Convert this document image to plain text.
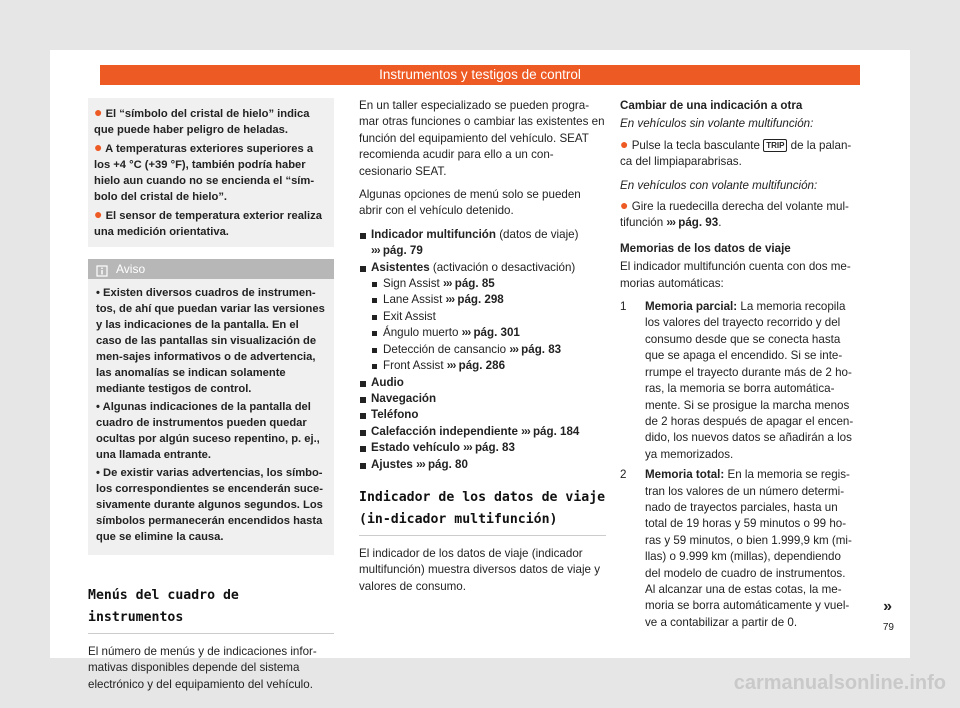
Instrumentos y testigos de control
● El “símbolo del cristal de hielo” indica que puede haber peligro de heladas.
● A temperaturas exteriores superiores a los +4 °C (+39 °F), también podría haber hielo aun cuando no se encienda el “sím-bolo del cristal de hielo”.
● El sensor de temperatura exterior realiza una medición orientativa.
Aviso
• Existen diversos cuadros de instrumen-tos, de ahí que puedan variar las versiones y las indicaciones de la pantalla. En el caso de las pantallas sin visualización de men-sajes informativos o de advertencia, las anomalías se indican solamente mediante testigos de control.
• Algunas indicaciones de la pantalla del cuadro de instrumentos pueden quedar ocultas por algún suceso repentino, p. ej., una llamada entrante.
• De existir varias advertencias, los símbo-los correspondientes se encenderán suce-sivamente durante algunos segundos. Los símbolos permanecerán encendidos hasta que se elimine la causa.
Menús del cuadro de instrumentos

El número de menús y de indicaciones infor-mativas disponibles depende del sistema electrónico y del equipamiento del vehículo.

En un taller especializado se pueden progra-mar otras funciones o cambiar las existentes en función del equipamiento del vehículo. SEAT recomienda acudir para ello a un con-cesionario SEAT.

Algunas opciones de menú solo se pueden abrir con el vehículo detenido.

Indicador multifunción (datos de viaje)
››› pág. 79
Asistentes (activación o desactivación)
Sign Assist ››› pág. 85
Lane Assist ››› pág. 298
Exit Assist
Ángulo muerto ››› pág. 301
Detección de cansancio ››› pág. 83
Front Assist ››› pág. 286
Audio
Navegación
Teléfono
Calefacción independiente ››› pág. 184
Estado vehículo ››› pág. 83
Ajustes ››› pág. 80
Indicador de los datos de viaje (in-dicador multifunción)

El indicador de los datos de viaje (indicador multifunción) muestra diversos datos de viaje y valores de consumo.

Cambiar de una indicación a otra

En vehículos sin volante multifunción:

● Pulse la tecla basculante TRIP de la palan-ca del limpiaparabrisas.

En vehículos con volante multifunción:

● Gire la ruedecilla derecha del volante mul-tifunción ››› pág. 93.

Memorias de los datos de viaje

El indicador multifunción cuenta con dos me-morias automáticas:

1	Memoria parcial: La memoria recopila los valores del trayecto recorrido y del consumo desde que se conecta hasta que se apaga el encendido. Si se inte-rrumpe el trayecto durante más de 2 ho-ras, la memoria se borra automática-mente. Si se prosigue la marcha menos de 2 horas después de apagar el encen-dido, los nuevos datos se añadirán a los ya memorizados.
2	Memoria total: En la memoria se regis-tran los valores de un número determi-nado de trayectos parciales, hasta un total de 19 horas y 59 minutos o 99 ho-ras y 59 minutos, o bien 1.999,9 km (mi-llas) o 9.999 km (millas), dependiendo del modelo de cuadro de instrumentos. Al alcanzar una de estas cotas, la me-moria se borra automáticamente y vuel-ve a contabilizar a partir de 0.
»
79
carmanualsonline.info
